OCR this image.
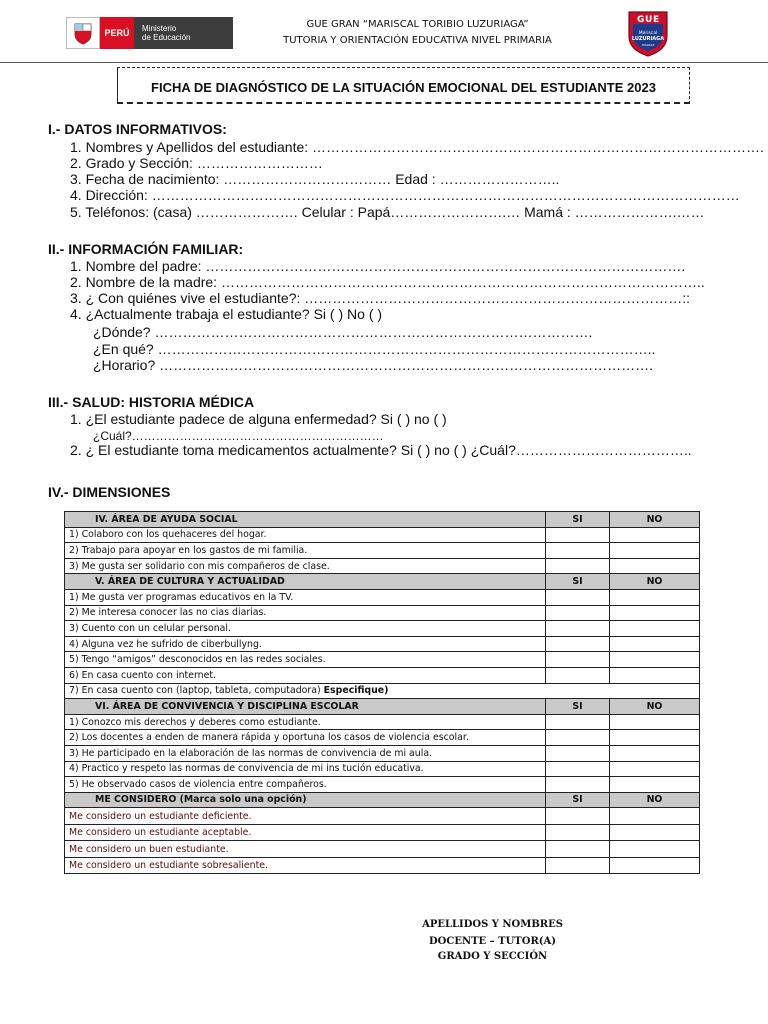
PERÚ	Ministerio
de Educación
GUE GRAN “MARISCAL TORIBIO LUZURIAGA”
TUTORIA Y ORIENTACIÓN EDUCATIVA NIVEL PRIMARIA
G U E
Mariscal
LUZURIAGA
HUARAZ
FICHA DE DIAGNÓSTICO DE LA SITUACIÓN EMOCIONAL DEL ESTUDIANTE 2023
I.- DATOS INFORMATIVOS:
1. Nombres y Apellidos del estudiante: …………………………………………………………………………………….
2. Grado y Sección: ………………………
3. Fecha de nacimiento: ……………………………… Edad : ……………………..
4. Dirección: ………………………………………………………………………………………………………………
5. Teléfonos: (casa) …………………. Celular : Papá…………………….… Mamá : ………………….……
II.- INFORMACIÓN FAMILIAR:
1. Nombre del padre: ………………………………………………………………………………………….
2. Nombre de la madre: …………………………………………………………………………………………..
3. ¿ Con quiénes vive el estudiante?: ………………………………………………………………………::
4. ¿Actualmente trabaja el estudiante? Si ( ) No ( )
¿Dónde? ………………………………………………………………………………….
¿En qué? ……………………………………………………………………………………………..
¿Horario? …………………………………………………………………………………………….
III.- SALUD: HISTORIA MÉDICA
1. ¿El estudiante padece de alguna enfermedad? Si ( ) no ( )
¿Cuál?………………………………………………………
2. ¿ El estudiante toma medicamentos actualmente? Si ( ) no ( ) ¿Cuál?………………………………..
IV.- DIMENSIONES
IV. ÁREA DE AYUDA SOCIAL	SI	NO
1) Colaboro con los quehaceres del hogar.		
2) Trabajo para apoyar en los gastos de mi familia.		
3) Me gusta ser solidario con mis compañeros de clase.		
V. ÁREA DE CULTURA Y ACTUALIDAD	SI	NO
1) Me gusta ver programas educativos en la TV.		
2) Me interesa conocer las no cias diarias.		
3) Cuento con un celular personal.		
4) Alguna vez he sufrido de ciberbullyng.		
5) Tengo “amigos” desconocidos en las redes sociales.		
6) En casa cuento con internet.		
7) En casa cuento con (laptop, tableta, computadora) Especifique)		
VI. ÁREA DE CONVIVENCIA Y DISCIPLINA ESCOLAR	SI	NO
1) Conozco mis derechos y deberes como estudiante.		
2) Los docentes a enden de manera rápida y oportuna los casos de violencia escolar.		
3) He participado en la elaboración de las normas de convivencia de mi aula.		
4) Practico y respeto las normas de convivencia de mi ins tución educativa.		
5) He observado casos de violencia entre compañeros.		
ME CONSIDERO (Marca solo una opción)	SI	NO
Me considero un estudiante deficiente.		
Me considero un estudiante aceptable.		
Me considero un buen estudiante.		
Me considero un estudiante sobresaliente.		
APELLIDOS Y NOMBRES
DOCENTE – TUTOR(A)
GRADO Y SECCIÓN
